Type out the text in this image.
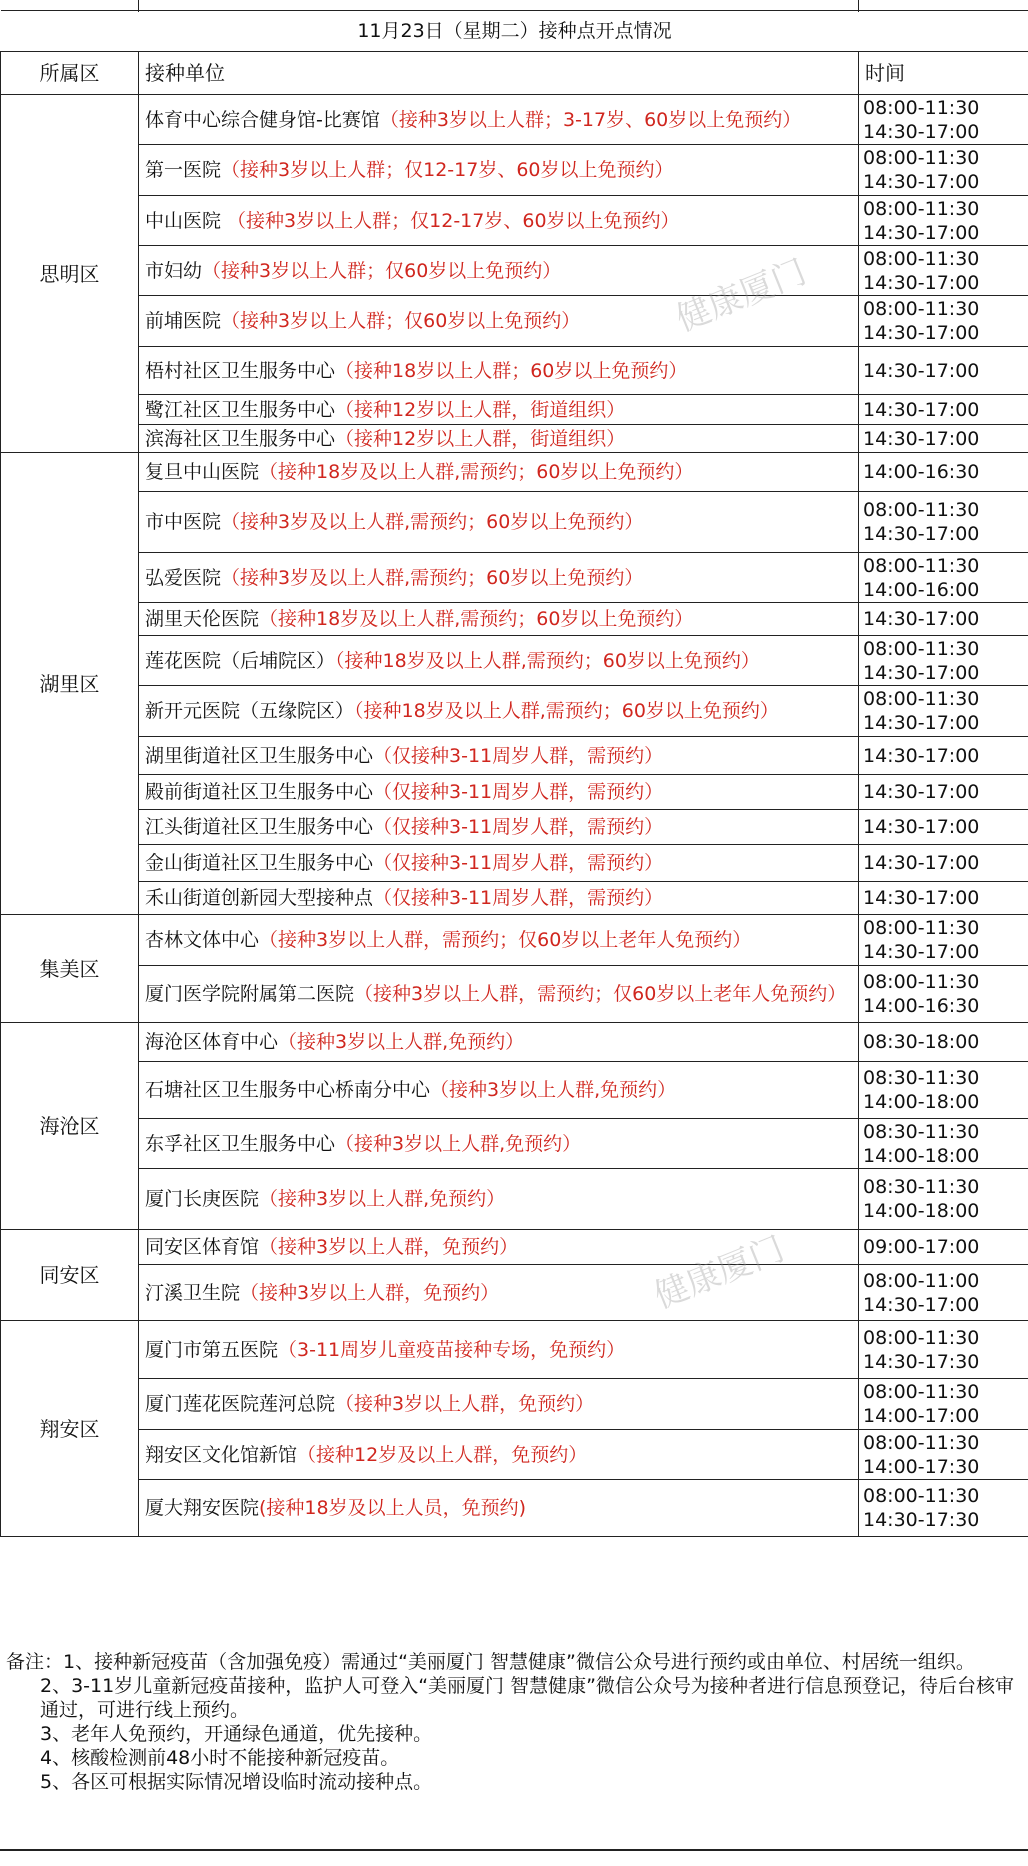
11月23日（星期二）接种点开点情况		
所属区	接种单位	时间
思明区	体育中心综合健身馆-比赛馆（接种3岁以上人群；3-17岁、60岁以上免预约）	08:00-11:30
14:30-17:00
	第一医院（接种3岁以上人群；仅12-17岁、60岁以上免预约）	08:00-11:30
14:30-17:00
	中山医院 （接种3岁以上人群；仅12-17岁、60岁以上免预约）	08:00-11:30
14:30-17:00
	市妇幼（接种3岁以上人群；仅60岁以上免预约）	08:00-11:30
14:30-17:00
	前埔医院（接种3岁以上人群；仅60岁以上免预约）	08:00-11:30
14:30-17:00
	梧村社区卫生服务中心（接种18岁以上人群；60岁以上免预约）	14:30-17:00
	鹭江社区卫生服务中心（接种12岁以上人群，街道组织）	14:30-17:00
	滨海社区卫生服务中心（接种12岁以上人群，街道组织）	14:30-17:00
湖里区	复旦中山医院（接种18岁及以上人群,需预约；60岁以上免预约）	14:00-16:30
	市中医院（接种3岁及以上人群,需预约；60岁以上免预约）	08:00-11:30
14:30-17:00
	弘爱医院（接种3岁及以上人群,需预约；60岁以上免预约）	08:00-11:30
14:00-16:00
	湖里天伦医院（接种18岁及以上人群,需预约；60岁以上免预约）	14:30-17:00
	莲花医院（后埔院区）（接种18岁及以上人群,需预约；60岁以上免预约）	08:00-11:30
14:30-17:00
	新开元医院（五缘院区）（接种18岁及以上人群,需预约；60岁以上免预约）	08:00-11:30
14:30-17:00
	湖里街道社区卫生服务中心（仅接种3-11周岁人群，需预约）	14:30-17:00
	殿前街道社区卫生服务中心（仅接种3-11周岁人群，需预约）	14:30-17:00
	江头街道社区卫生服务中心（仅接种3-11周岁人群，需预约）	14:30-17:00
	金山街道社区卫生服务中心（仅接种3-11周岁人群，需预约）	14:30-17:00
	禾山街道创新园大型接种点（仅接种3-11周岁人群，需预约）	14:30-17:00
集美区	杏林文体中心（接种3岁以上人群，需预约；仅60岁以上老年人免预约）	08:00-11:30
14:30-17:00
	厦门医学院附属第二医院（接种3岁以上人群，需预约；仅60岁以上老年人免预约）	08:00-11:30
14:00-16:30
海沧区	海沧区体育中心（接种3岁以上人群,免预约）	08:30-18:00
	石塘社区卫生服务中心桥南分中心（接种3岁以上人群,免预约）	08:30-11:30
14:00-18:00
	东孚社区卫生服务中心（接种3岁以上人群,免预约）	08:30-11:30
14:00-18:00
	厦门长庚医院（接种3岁以上人群,免预约）	08:30-11:30
14:00-18:00
同安区	同安区体育馆（接种3岁以上人群，免预约）	09:00-17:00
	汀溪卫生院（接种3岁以上人群，免预约）	08:00-11:00
14:30-17:00
翔安区	厦门市第五医院（3-11周岁儿童疫苗接种专场，免预约）	08:00-11:30
14:30-17:30
	厦门莲花医院莲河总院（接种3岁以上人群，免预约）	08:00-11:30
14:00-17:00
	翔安区文化馆新馆（接种12岁及以上人群，免预约）	08:00-11:30
14:00-17:30
	厦大翔安医院(接种18岁及以上人员，免预约)	08:00-11:30
14:30-17:30

备注：1、接种新冠疫苗（含加强免疫）需通过“美丽厦门 智慧健康”微信公众号进行预约或由单位、村居统一组织。

2、3-11岁儿童新冠疫苗接种，监护人可登入“美丽厦门 智慧健康”微信公众号为接种者进行信息预登记，待后台核审通过，可进行线上预约。

3、老年人免预约，开通绿色通道，优先接种。

4、核酸检测前48小时不能接种新冠疫苗。

5、各区可根据实际情况增设临时流动接种点。

健康厦门
健康厦门
